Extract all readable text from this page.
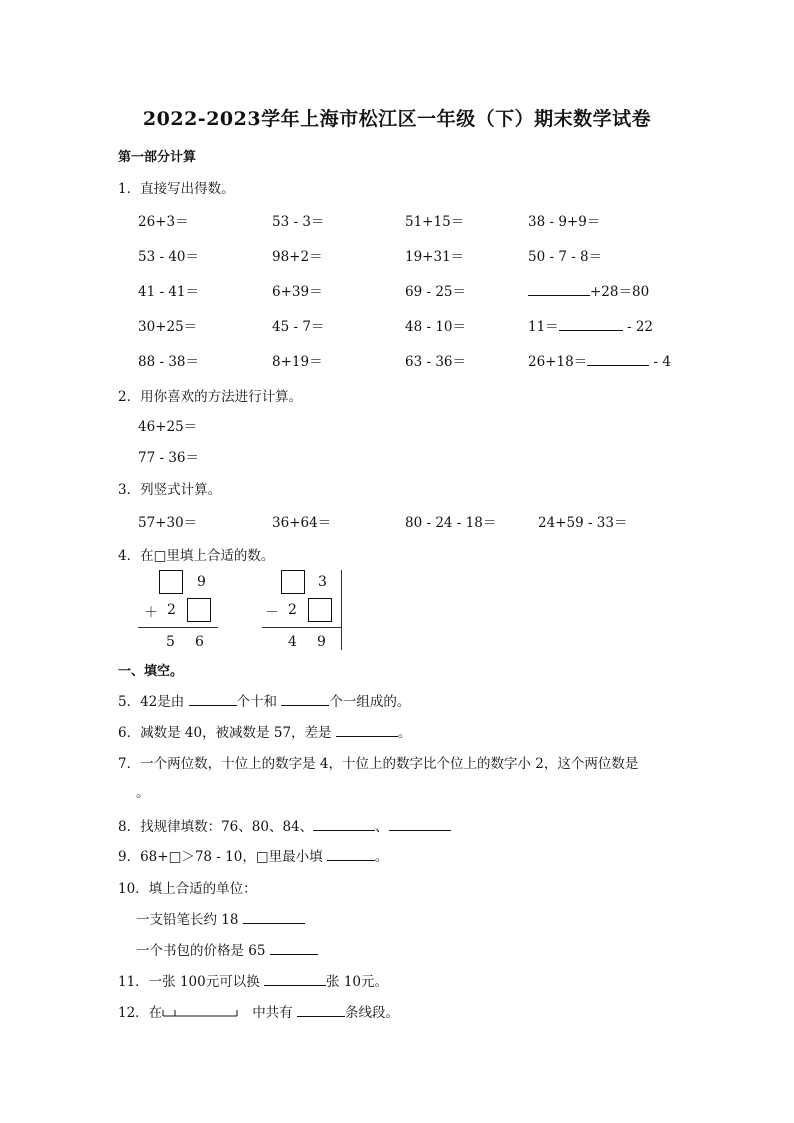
2022-2023学年上海市松江区一年级（下）期末数学试卷
第一部分计算
1．直接写出得数。
26+3＝	53 - 3＝	51+15＝	38 - 9+9＝
53 - 40＝	98+2＝	19+31＝	50 - 7 - 8＝
41 - 41＝	6+39＝	69 - 25＝	+28＝80
30+25＝	45 - 7＝	48 - 10＝	11＝	- 22
88 - 38＝	8+19＝	63 - 36＝	26+18＝	- 4
2．用你喜欢的方法进行计算。
46+25＝
77 - 36＝
3．列竖式计算。
57+30＝	36+64＝	80 - 24 - 18＝	24+59 - 33＝
4．在□里填上合适的数。
9
＋ 2
5 6
3
－ 2
4 9
一、填空。
5．42是由	个十和	个一组成的。
6．减数是 40，被减数是 57，差是	。
7．一个两位数，十位上的数字是 4，十位上的数字比个位上的数字小 2，这个两位数是
。
8．找规律填数：76、80、84、	、
9．68+□＞78 - 10，□里最小填	。
10．填上合适的单位：
一支铅笔长约 18
一个书包的价格是 65
11．一张 100元可以换	张 10元。
12．在	中共有	条线段。
